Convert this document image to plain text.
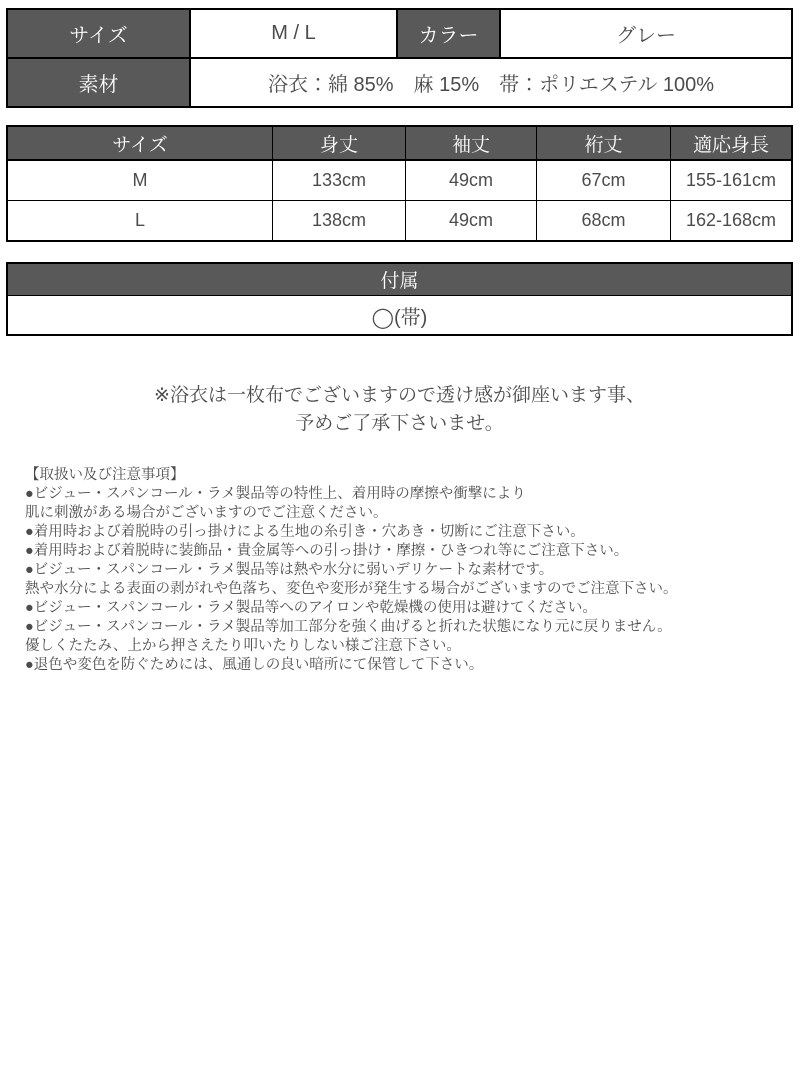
サイズ	M / L	カラー	グレー
素材	浴衣：綿 85%　麻 15%　帯：ポリエステル 100%		
サイズ	身丈	袖丈	裄丈	適応身長
M	133cm	49cm	67cm	155-161cm
L	138cm	49cm	68cm	162-168cm
付属
◯(帯)
※浴衣は一枚布でございますので透け感が御座います事、
予めご了承下さいませ。
【取扱い及び注意事項】
●ビジュー・スパンコール・ラメ製品等の特性上、着用時の摩擦や衝撃により
肌に刺激がある場合がございますのでご注意ください。
●着用時および着脱時の引っ掛けによる生地の糸引き・穴あき・切断にご注意下さい。
●着用時および着脱時に装飾品・貴金属等への引っ掛け・摩擦・ひきつれ等にご注意下さい。
●ビジュー・スパンコール・ラメ製品等は熱や水分に弱いデリケートな素材です。
熱や水分による表面の剥がれや色落ち、変色や変形が発生する場合がございますのでご注意下さい。
●ビジュー・スパンコール・ラメ製品等へのアイロンや乾燥機の使用は避けてください。
●ビジュー・スパンコール・ラメ製品等加工部分を強く曲げると折れた状態になり元に戻りません。
優しくたたみ、上から押さえたり叩いたりしない様ご注意下さい。
●退色や変色を防ぐためには、風通しの良い暗所にて保管して下さい。
